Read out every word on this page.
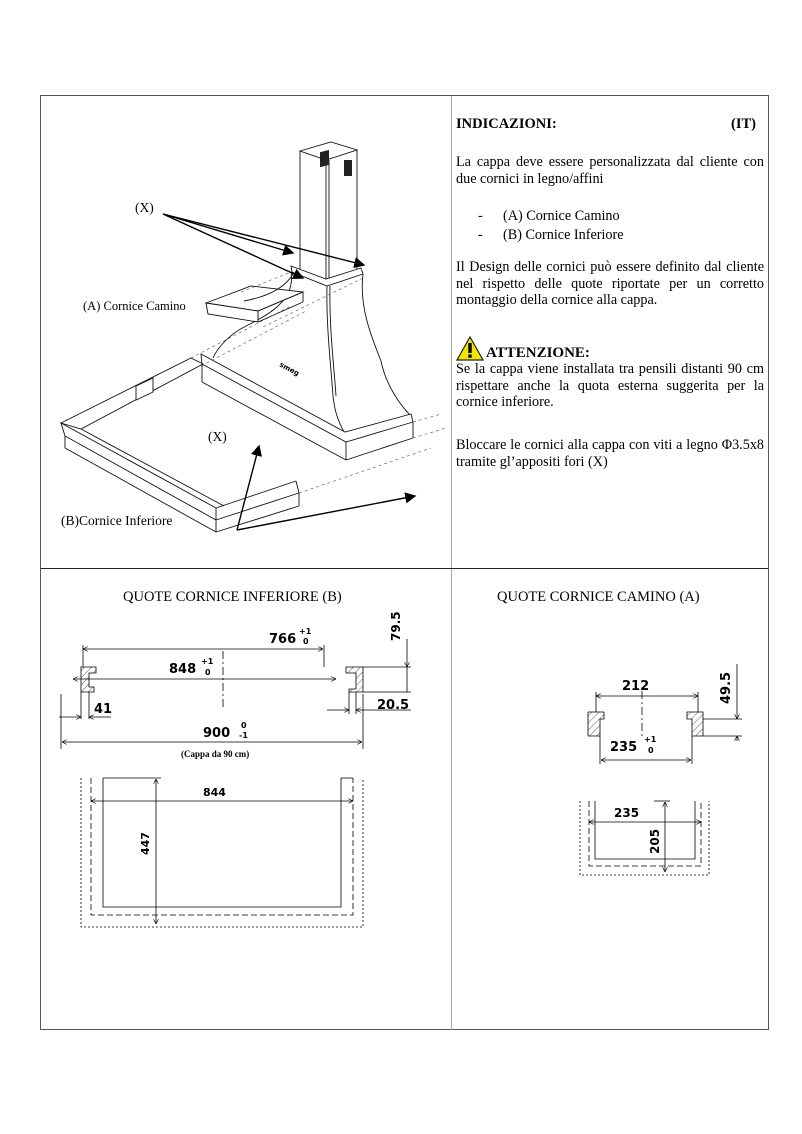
smeg
(X)
(A) Cornice Camino
(X)
(B)Cornice Inferiore
INDICAZIONI:	(IT)
La cappa deve essere personalizzata dal cliente con due cornici in legno/affini
-	(A) Cornice Camino
-	(B) Cornice Inferiore
Il Design delle cornici può essere definito dal cliente nel rispetto delle quote riportate per un corretto montaggio della cornice alla cappa.
ATTENZIONE:
Se la cappa viene installata tra pensili distanti 90 cm rispettare anche la quota esterna suggerita per la cornice inferiore.
Bloccare le cornici alla cappa con viti a legno Φ3.5x8 tramite gl’appositi fori (X)
QUOTE CORNICE INFERIORE (B)
766
+1
0
848
+1
0
41
900
0
-1
79.5
20.5
(Cappa da 90 cm)
844
447
QUOTE CORNICE CAMINO (A)
212
235
+1
0
49.5
235
205
